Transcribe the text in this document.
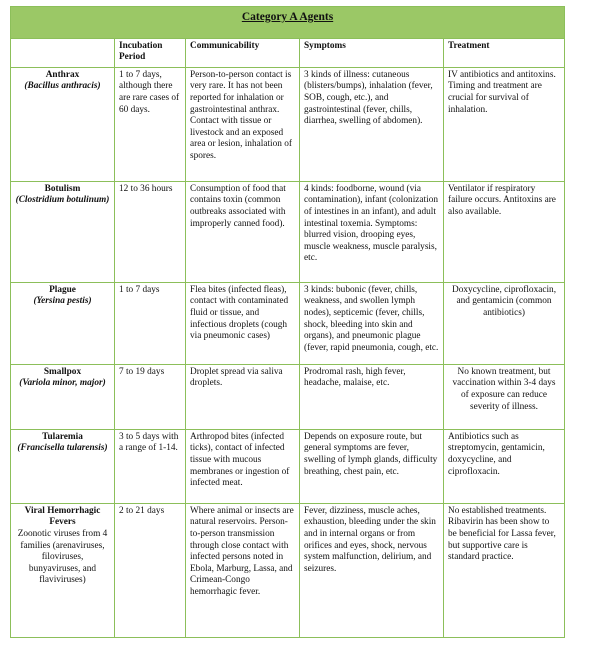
Category A Agents				
	Incubation Period	Communicability	Symptoms	Treatment

Anthrax
(Bacillus anthracis)	1 to 7 days, although there are rare cases of 60 days.	Person-to-person contact is very rare. It has not been reported for inhalation or gastrointestinal anthrax. Contact with tissue or livestock and an exposed area or lesion, inhalation of spores.	3 kinds of illness: cutaneous (blisters/bumps), inhalation (fever, SOB, cough, etc.), and gastrointestinal (fever, chills, diarrhea, swelling of abdomen).	IV antibiotics and antitoxins. Timing and treatment are crucial for survival of inhalation.

Botulism
(Clostridium botulinum)	12 to 36 hours	Consumption of food that contains toxin (common outbreaks associated with improperly canned food).	4 kinds: foodborne, wound (via contamination), infant (colonization of intestines in an infant), and adult intestinal toxemia. Symptoms: blurred vision, drooping eyes, muscle weakness, muscle paralysis, etc.	Ventilator if respiratory failure occurs. Antitoxins are also available.

Plague
(Yersina pestis)	1 to 7 days	Flea bites (infected fleas), contact with contaminated fluid or tissue, and infectious droplets (cough via pneumonic cases)	3 kinds: bubonic (fever, chills, weakness, and swollen lymph nodes), septicemic (fever, chills, shock, bleeding into skin and organs), and pneumonic plague (fever, rapid pneumonia, cough, etc.	Doxycycline, ciprofloxacin, and gentamicin (common antibiotics)

Smallpox
(Variola minor, major)	7 to 19 days	Droplet spread via saliva droplets.	Prodromal rash, high fever, headache, malaise, etc.	No known treatment, but vaccination within 3-4 days of exposure can reduce severity of illness.

Tularemia
(Francisella tularensis)	3 to 5 days with a range of 1-14.	Arthropod bites (infected ticks), contact of infected tissue with mucous membranes or ingestion of infected meat.	Depends on exposure route, but general symptoms are fever, swelling of lymph glands, difficulty breathing, chest pain, etc.	Antibiotics such as streptomycin, gentamicin, doxycycline, and ciprofloxacin.

Viral Hemorrhagic Fevers
Zoonotic viruses from 4 families (arenaviruses, filoviruses, bunyaviruses, and flaviviruses)	2 to 21 days	Where animal or insects are natural reservoirs. Person-to-person transmission through close contact with infected persons noted in Ebola, Marburg, Lassa, and Crimean-Congo hemorrhagic fever.	Fever, dizziness, muscle aches, exhaustion, bleeding under the skin and in internal organs or from orifices and eyes, shock, nervous system malfunction, delirium, and seizures.	No established treatments. Ribavirin has been show to be beneficial for Lassa fever, but supportive care is standard practice.
